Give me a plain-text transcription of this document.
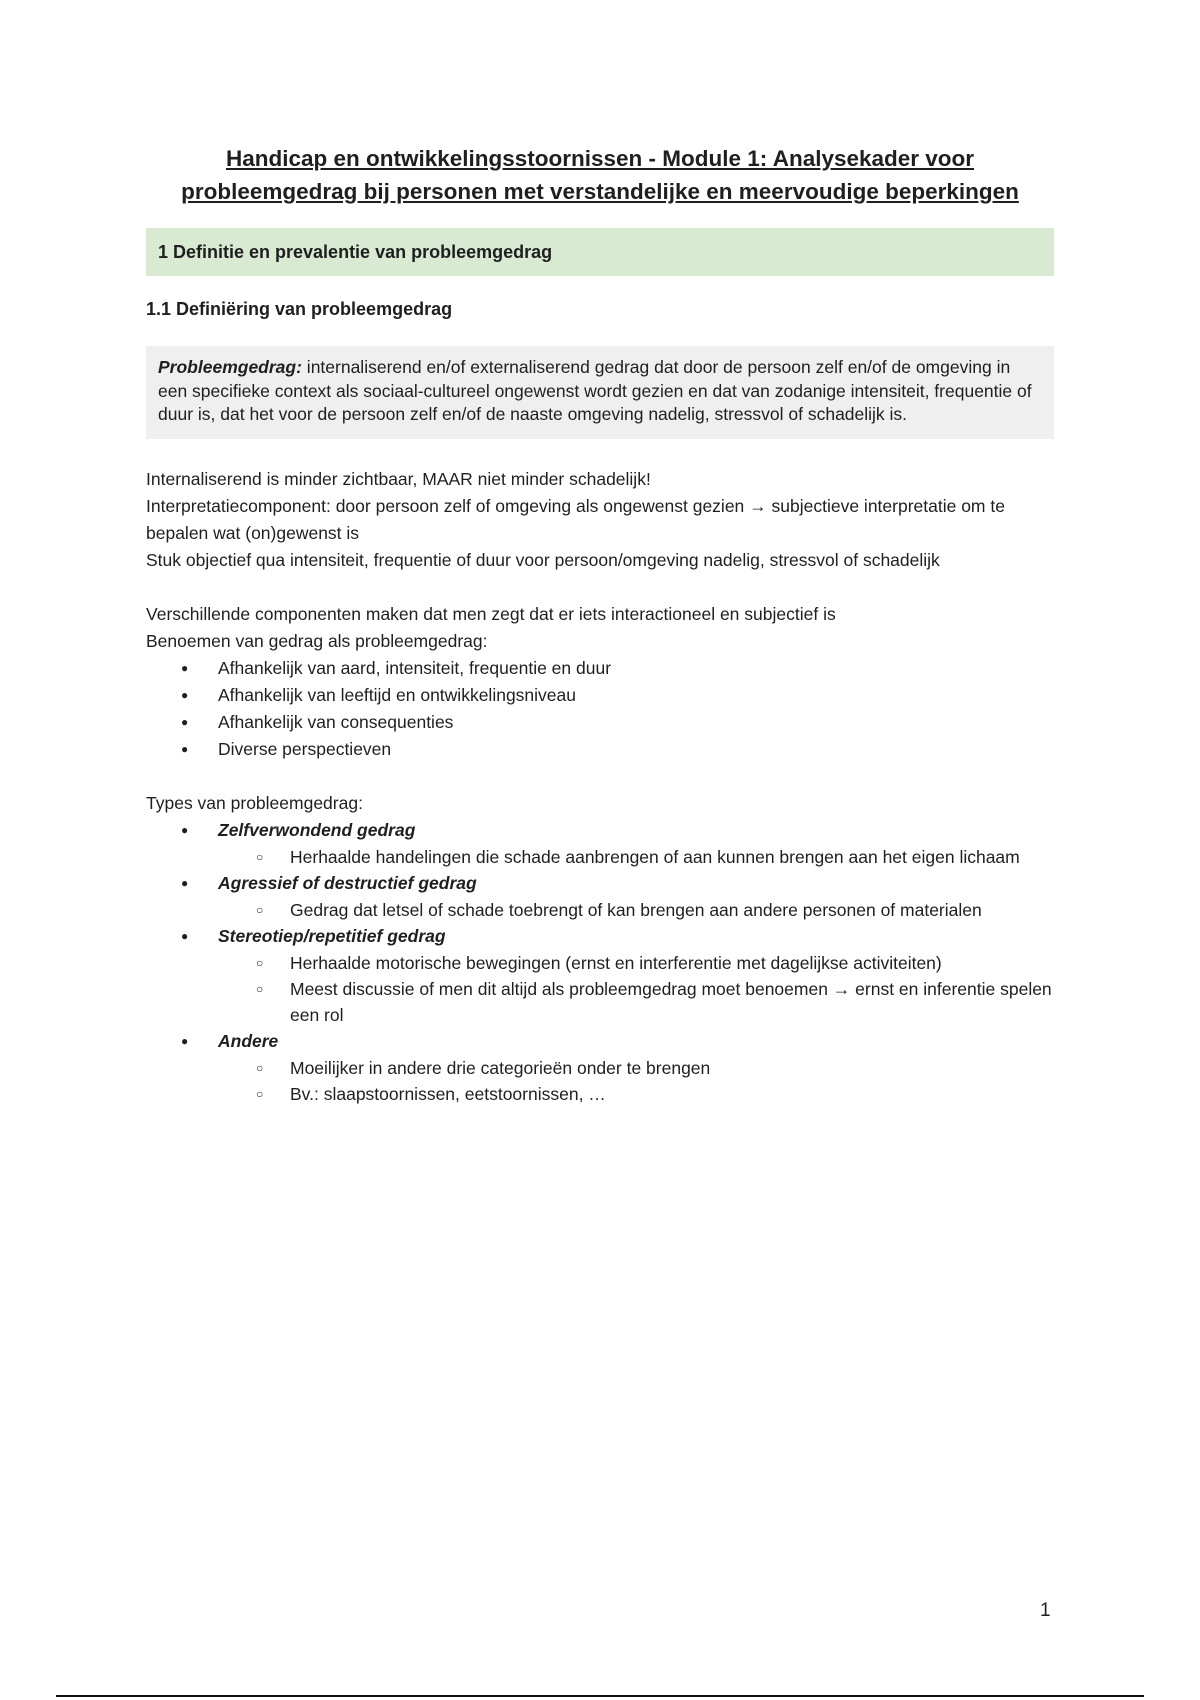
Handicap en ontwikkelingsstoornissen - Module 1: Analysekader voor
probleemgedrag bij personen met verstandelijke en meervoudige beperkingen
1 Definitie en prevalentie van probleemgedrag
1.1 Definiëring van probleemgedrag
Probleemgedrag: internaliserend en/of externaliserend gedrag dat door de persoon zelf en/of de omgeving in een specifieke context als sociaal-cultureel ongewenst wordt gezien en dat van zodanige intensiteit, frequentie of duur is, dat het voor de persoon zelf en/of de naaste omgeving nadelig, stressvol of schadelijk is.

Internaliserend is minder zichtbaar, MAAR niet minder schadelijk!

Interpretatiecomponent: door persoon zelf of omgeving als ongewenst gezien → subjectieve interpretatie om te bepalen wat (on)gewenst is

Stuk objectief qua intensiteit, frequentie of duur voor persoon/omgeving nadelig, stressvol of schadelijk

Verschillende componenten maken dat men zegt dat er iets interactioneel en subjectief is

Benoemen van gedrag als probleemgedrag:

● Afhankelijk van aard, intensiteit, frequentie en duur
● Afhankelijk van leeftijd en ontwikkelingsniveau
● Afhankelijk van consequenties
● Diverse perspectieven

Types van probleemgedrag:

● Zelfverwondend gedrag
○ Herhaalde handelingen die schade aanbrengen of aan kunnen brengen aan het eigen lichaam
● Agressief of destructief gedrag
○ Gedrag dat letsel of schade toebrengt of kan brengen aan andere personen of materialen
● Stereotiep/repetitief gedrag
○ Herhaalde motorische bewegingen (ernst en interferentie met dagelijkse activiteiten)
○ Meest discussie of men dit altijd als probleemgedrag moet benoemen → ernst en inferentie spelen een rol
● Andere
○ Moeilijker in andere drie categorieën onder te brengen
○ Bv.: slaapstoornissen, eetstoornissen, …
1
